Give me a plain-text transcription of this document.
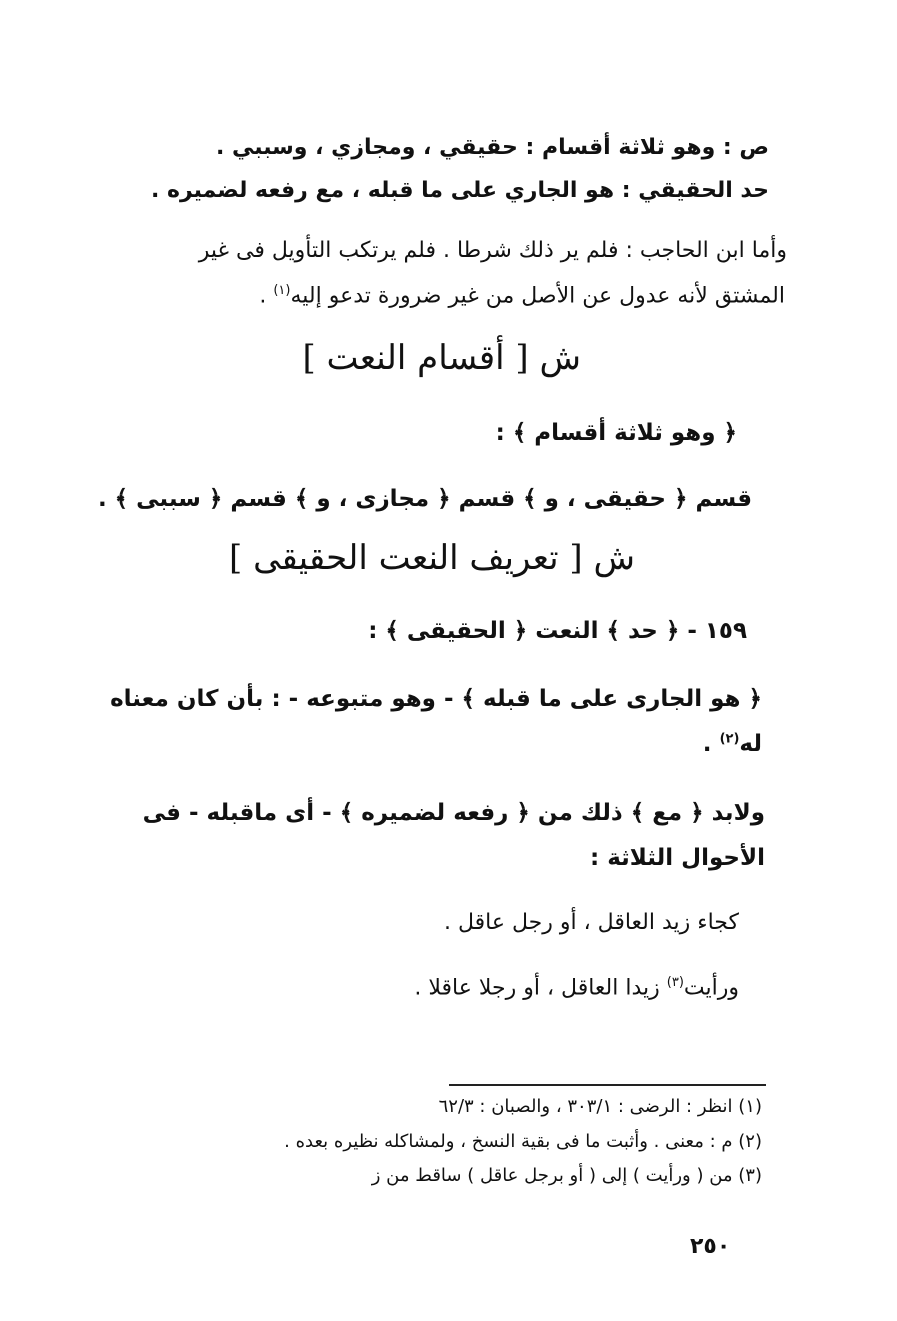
ص : وهو ثلاثة أقسام : حقيقي ، ومجازي ، وسببي .
حد الحقيقي : هو الجاري على ما قبله ، مع رفعه لضميره .
وأما ابن الحاجب : فلم ير ذلك شرطا . فلم يرتكب التأويل فى غير
المشتق لأنه عدول عن الأصل من غير ضرورة تدعو إليه$^{(١)}$ .
ش [ أقسام النعت ]
﴿ وهو ثلاثة أقسام ﴾ :
قسم ﴿ حقيقى ، و ﴾ قسم ﴿ مجازى ، و ﴾ قسم ﴿ سببى ﴾ .
ش [ تعريف النعت الحقيقى ]
١٥٩ - ﴿ حد ﴾ النعت ﴿ الحقيقى ﴾ :
﴿ هو الجارى على ما قبله ﴾ - وهو متبوعه - : بأن كان معناه
له$^{(٢)}$ .
ولابد ﴿ مع ﴾ ذلك من ﴿ رفعه لضميره ﴾ - أى ماقبله - فى
الأحوال الثلاثة :
كجاء زيد العاقل ، أو رجل عاقل .
ورأيت$^{(٣)}$ زيدا العاقل ، أو رجلا عاقلا .
(١) انظر : الرضى : ٣٠٣/١ ، والصبان : ٦٢/٣
(٢) م : معنى . وأثبت ما فى بقية النسخ ، ولمشاكله نظيره بعده .
(٣) من ( ورأيت ) إلى ( أو برجل عاقل ) ساقط من ز
٢٥٠
